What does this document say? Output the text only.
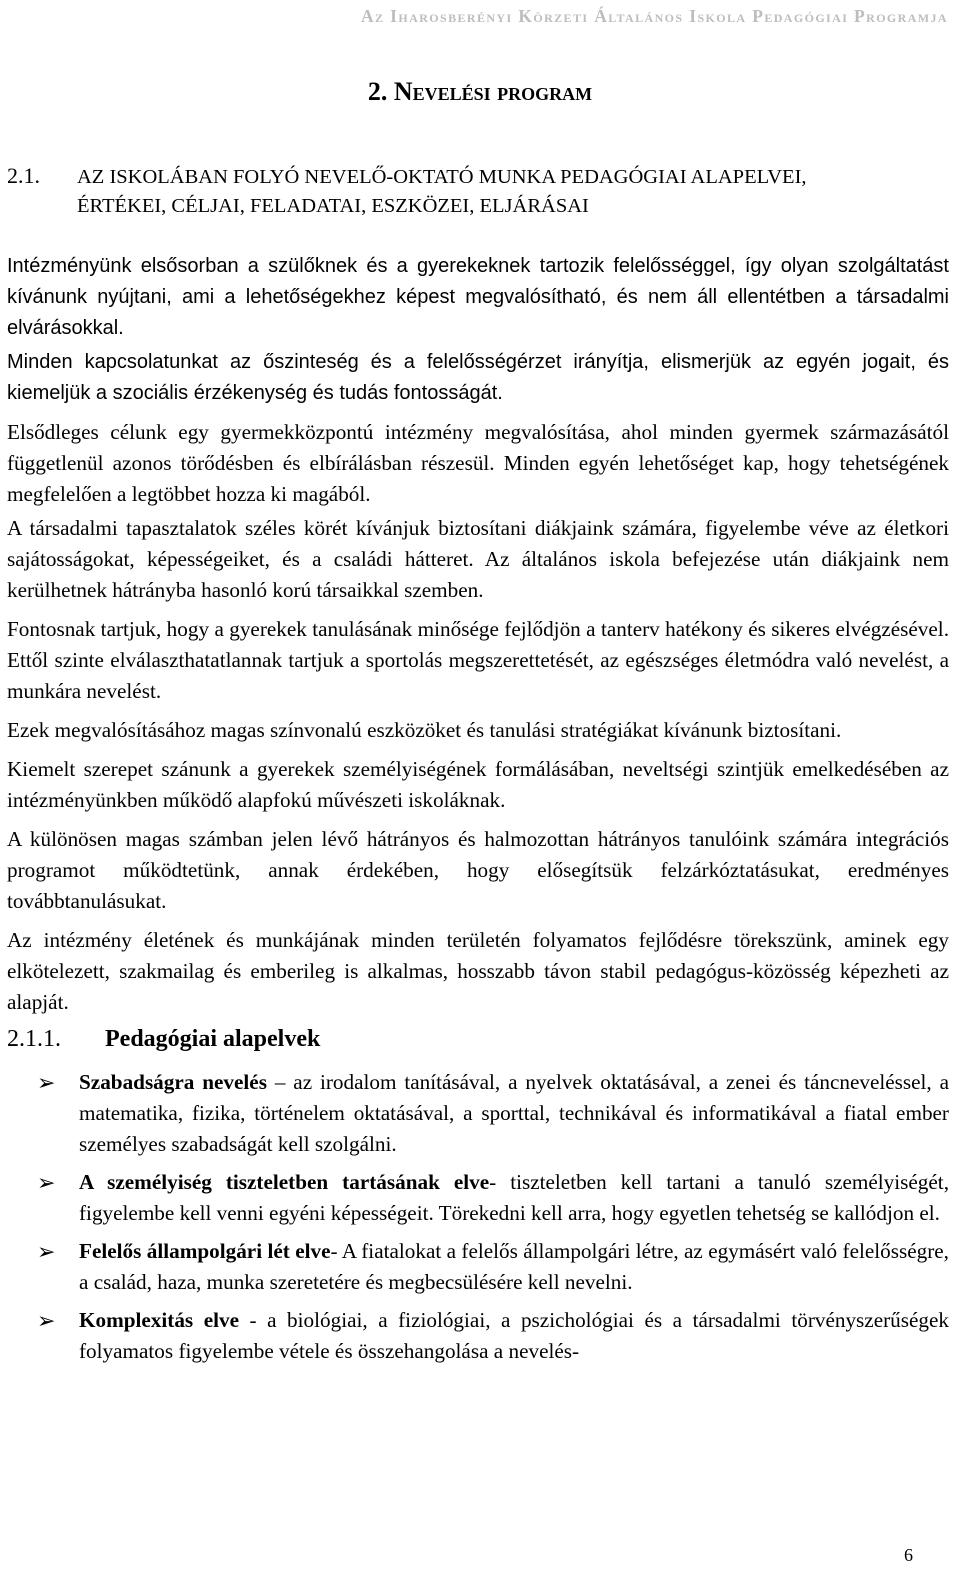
Az Iharosberényi Körzeti Általános Iskola Pedagógiai Programja
2. Nevelési program
2.1. AZ ISKOLÁBAN FOLYÓ NEVELŐ-OKTATÓ MUNKA PEDAGÓGIAI ALAPELVEI,
ÉRTÉKEI, CÉLJAI, FELADATAI, ESZKÖZEI, ELJÁRÁSAI

Intézményünk elsősorban a szülőknek és a gyerekeknek tartozik felelősséggel, így olyan szolgáltatást kívánunk nyújtani, ami a lehetőségekhez képest megvalósítható, és nem áll ellentétben a társadalmi elvárásokkal.

Minden kapcsolatunkat az őszinteség és a felelősségérzet irányítja, elismerjük az egyén jogait, és kiemeljük a szociális érzékenység és tudás fontosságát.

Elsődleges célunk egy gyermekközpontú intézmény megvalósítása, ahol minden gyermek származásától függetlenül azonos törődésben és elbírálásban részesül. Minden egyén lehetőséget kap, hogy tehetségének megfelelően a legtöbbet hozza ki magából.

A társadalmi tapasztalatok széles körét kívánjuk biztosítani diákjaink számára, figyelembe véve az életkori sajátosságokat, képességeiket, és a családi hátteret. Az általános iskola befejezése után diákjaink nem kerülhetnek hátrányba hasonló korú társaikkal szemben.

Fontosnak tartjuk, hogy a gyerekek tanulásának minősége fejlődjön a tanterv hatékony és sikeres elvégzésével. Ettől szinte elválaszthatatlannak tartjuk a sportolás megszerettetését, az egészséges életmódra való nevelést, a munkára nevelést.

Ezek megvalósításához magas színvonalú eszközöket és tanulási stratégiákat kívánunk biztosítani.

Kiemelt szerepet szánunk a gyerekek személyiségének formálásában, neveltségi szintjük emelkedésében az intézményünkben működő alapfokú művészeti iskoláknak.

A különösen magas számban jelen lévő hátrányos és halmozottan hátrányos tanulóink számára integrációs programot működtetünk, annak érdekében, hogy elősegítsük felzárkóztatásukat, eredményes továbbtanulásukat.

Az intézmény életének és munkájának minden területén folyamatos fejlődésre törekszünk, aminek egy elkötelezett, szakmailag és emberileg is alkalmas, hosszabb távon stabil pedagógus-közösség képezheti az alapját.

2.1.1. Pedagógiai alapelvek
➢ Szabadságra nevelés – az irodalom tanításával, a nyelvek oktatásával, a zenei és táncneveléssel, a matematika, fizika, történelem oktatásával, a sporttal, technikával és informatikával a fiatal ember személyes szabadságát kell szolgálni.
➢ A személyiség tiszteletben tartásának elve- tiszteletben kell tartani a tanuló személyiségét, figyelembe kell venni egyéni képességeit. Törekedni kell arra, hogy egyetlen tehetség se kallódjon el.
➢ Felelős állampolgári lét elve- A fiatalokat a felelős állampolgári létre, az egymásért való felelősségre, a család, haza, munka szeretetére és megbecsülésére kell nevelni.
➢ Komplexitás elve - a biológiai, a fiziológiai, a pszichológiai és a társadalmi törvényszerűségek folyamatos figyelembe vétele és összehangolása a nevelés-
6
